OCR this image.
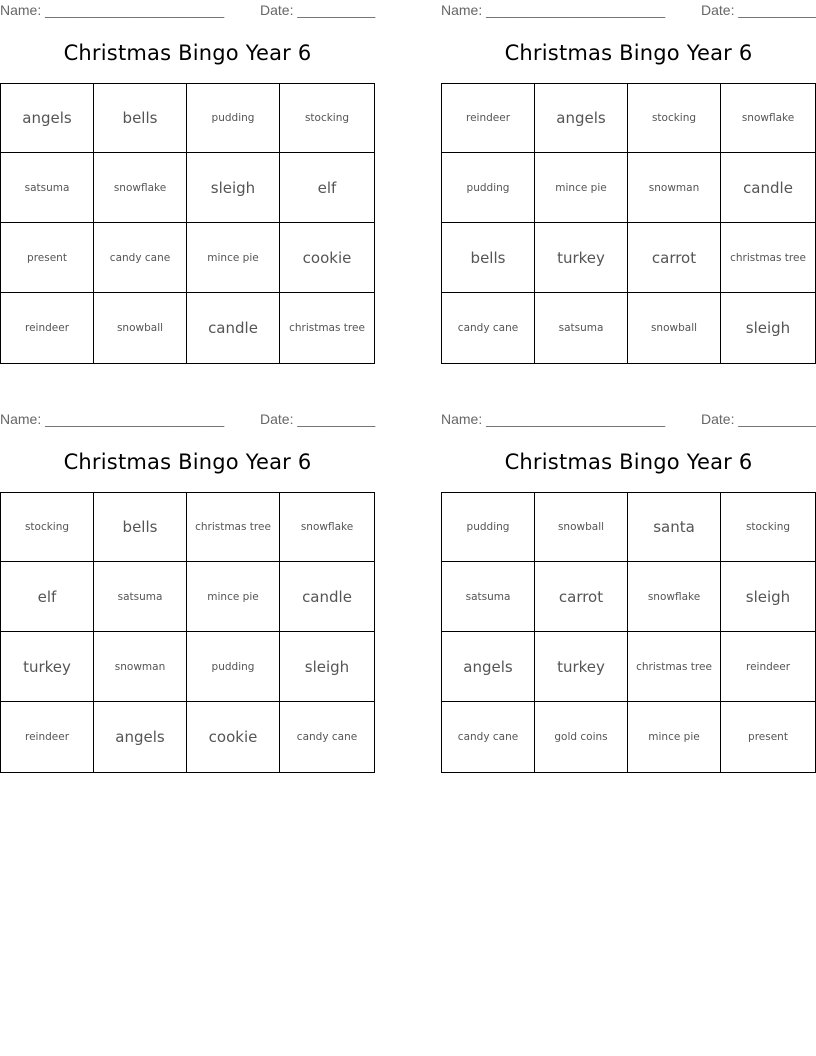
Name: _______________________	Date: __________
Christmas Bingo Year 6
angels	bells	pudding	stocking
satsuma	snowflake	sleigh	elf
present	candy cane	mince pie	cookie
reindeer	snowball	candle	christmas tree
Name: _______________________	Date: __________
Christmas Bingo Year 6
reindeer	angels	stocking	snowflake
pudding	mince pie	snowman	candle
bells	turkey	carrot	christmas tree
candy cane	satsuma	snowball	sleigh
Name: _______________________	Date: __________
Christmas Bingo Year 6
stocking	bells	christmas tree	snowflake
elf	satsuma	mince pie	candle
turkey	snowman	pudding	sleigh
reindeer	angels	cookie	candy cane
Name: _______________________	Date: __________
Christmas Bingo Year 6
pudding	snowball	santa	stocking
satsuma	carrot	snowflake	sleigh
angels	turkey	christmas tree	reindeer
candy cane	gold coins	mince pie	present
